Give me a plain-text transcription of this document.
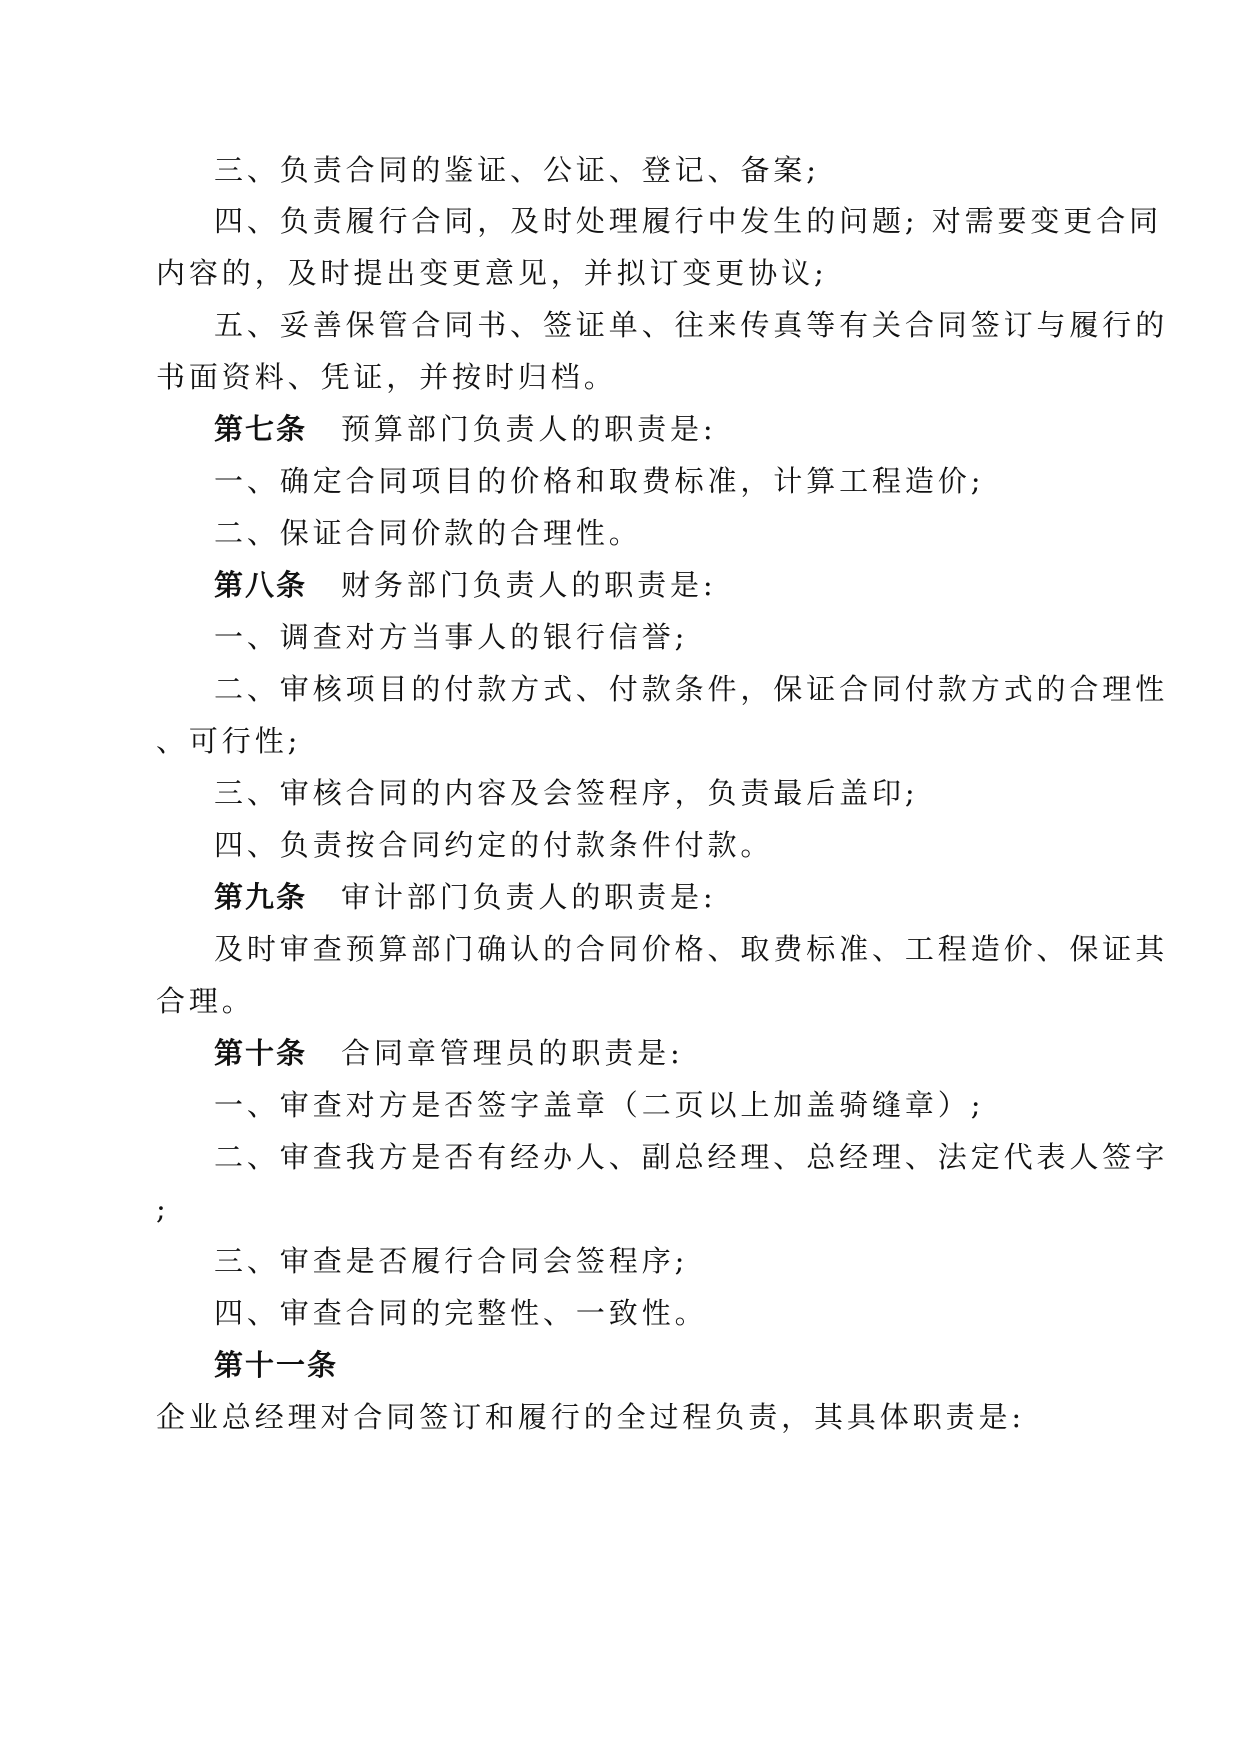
三、负责合同的鉴证、公证、登记、备案;
四、负责履行合同，及时处理履行中发生的问题; 对需要变更合同
内容的，及时提出变更意见，并拟订变更协议;
五、妥善保管合同书、签证单、往来传真等有关合同签订与履行的
书面资料、凭证，并按时归档。
第七条 预算部门负责人的职责是:
一、确定合同项目的价格和取费标准，计算工程造价;
二、保证合同价款的合理性。
第八条 财务部门负责人的职责是:
一、调查对方当事人的银行信誉;
二、审核项目的付款方式、付款条件，保证合同付款方式的合理性
、可行性;
三、审核合同的内容及会签程序，负责最后盖印;
四、负责按合同约定的付款条件付款。
第九条 审计部门负责人的职责是:
及时审查预算部门确认的合同价格、取费标准、工程造价、保证其
合理。
第十条 合同章管理员的职责是:
一、审查对方是否签字盖章（二页以上加盖骑缝章）;
二、审查我方是否有经办人、副总经理、总经理、法定代表人签字
;
三、审查是否履行合同会签程序;
四、审查合同的完整性、一致性。
第十一条
企业总经理对合同签订和履行的全过程负责，其具体职责是:
